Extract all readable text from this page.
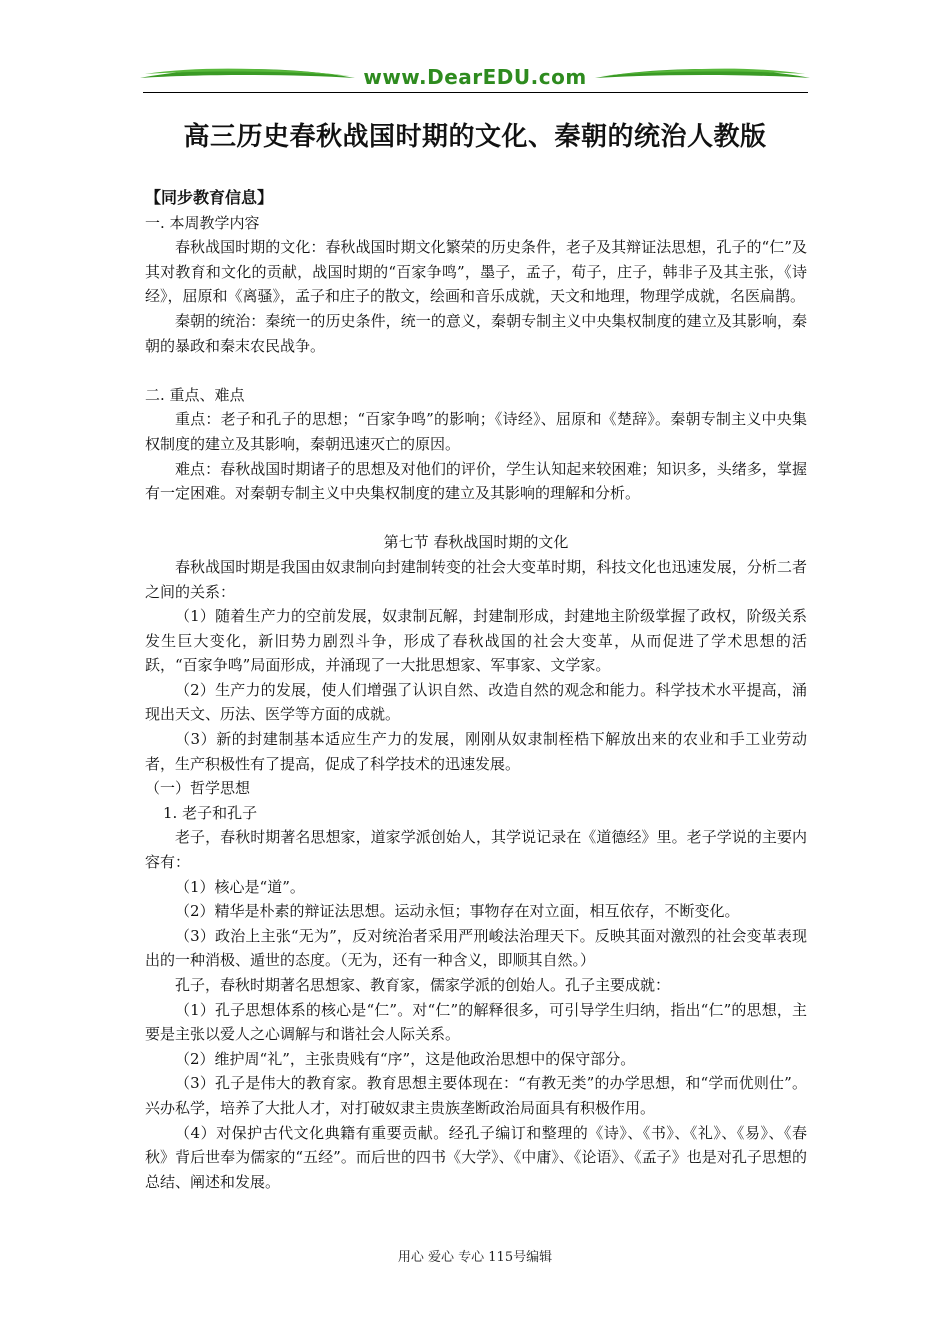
www.DearEDU.com
高三历史春秋战国时期的文化、秦朝的统治人教版

【同步教育信息】

一. 本周教学内容

春秋战国时期的文化：春秋战国时期文化繁荣的历史条件，老子及其辩证法思想，孔子的“仁”及其对教育和文化的贡献，战国时期的“百家争鸣”，墨子，孟子，荀子，庄子，韩非子及其主张，《诗经》，屈原和《离骚》，孟子和庄子的散文，绘画和音乐成就，天文和地理，物理学成就，名医扁鹊。

秦朝的统治：秦统一的历史条件，统一的意义，秦朝专制主义中央集权制度的建立及其影响，秦朝的暴政和秦末农民战争。

二. 重点、难点

重点：老子和孔子的思想；“百家争鸣”的影响；《诗经》、屈原和《楚辞》。秦朝专制主义中央集权制度的建立及其影响，秦朝迅速灭亡的原因。

难点：春秋战国时期诸子的思想及对他们的评价，学生认知起来较困难；知识多，头绪多，掌握有一定困难。对秦朝专制主义中央集权制度的建立及其影响的理解和分析。

第七节 春秋战国时期的文化

春秋战国时期是我国由奴隶制向封建制转变的社会大变革时期，科技文化也迅速发展，分析二者之间的关系：

（1）随着生产力的空前发展，奴隶制瓦解，封建制形成，封建地主阶级掌握了政权，阶级关系发生巨大变化，新旧势力剧烈斗争，形成了春秋战国的社会大变革，从而促进了学术思想的活跃，“百家争鸣”局面形成，并涌现了一大批思想家、军事家、文学家。

（2）生产力的发展，使人们增强了认识自然、改造自然的观念和能力。科学技术水平提高，涌现出天文、历法、医学等方面的成就。

（3）新的封建制基本适应生产力的发展，刚刚从奴隶制桎梏下解放出来的农业和手工业劳动者，生产积极性有了提高，促成了科学技术的迅速发展。

（一）哲学思想

1. 老子和孔子

老子，春秋时期著名思想家，道家学派创始人，其学说记录在《道德经》里。老子学说的主要内容有：

（1）核心是“道”。

（2）精华是朴素的辩证法思想。运动永恒；事物存在对立面，相互依存，不断变化。

（3）政治上主张“无为”，反对统治者采用严刑峻法治理天下。反映其面对激烈的社会变革表现出的一种消极、遁世的态度。（无为，还有一种含义，即顺其自然。）

孔子，春秋时期著名思想家、教育家，儒家学派的创始人。孔子主要成就：

（1）孔子思想体系的核心是“仁”。对“仁”的解释很多，可引导学生归纳，指出“仁”的思想，主要是主张以爱人之心调解与和谐社会人际关系。

（2）维护周“礼”，主张贵贱有“序”，这是他政治思想中的保守部分。

（3）孔子是伟大的教育家。教育思想主要体现在：“有教无类”的办学思想，和“学而优则仕”。兴办私学，培养了大批人才，对打破奴隶主贵族垄断政治局面具有积极作用。

（4）对保护古代文化典籍有重要贡献。经孔子编订和整理的《诗》、《书》、《礼》、《易》、《春秋》背后世奉为儒家的“五经”。而后世的四书《大学》、《中庸》、《论语》、《孟子》也是对孔子思想的总结、阐述和发展。

用心 爱心 专心 115号编辑
